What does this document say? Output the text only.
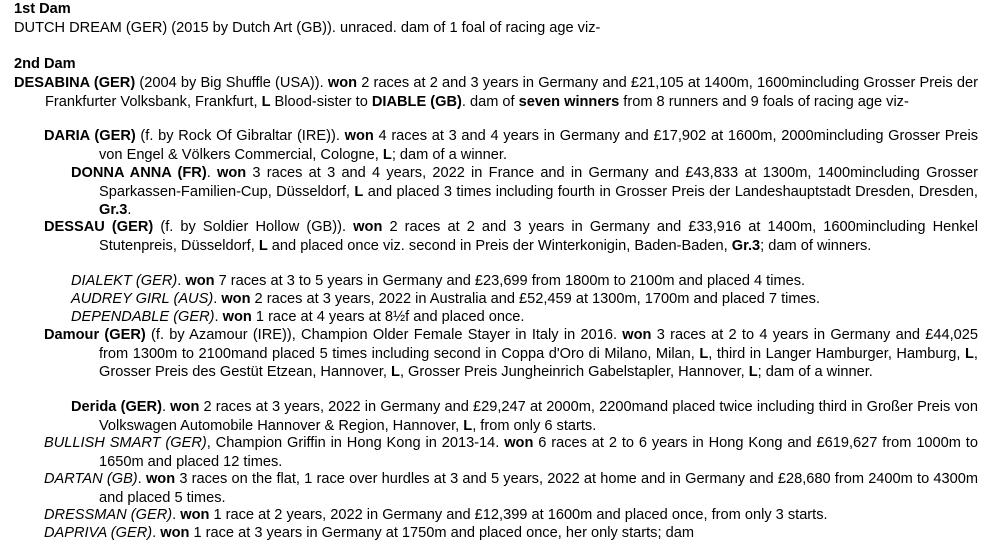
1st Dam
DUTCH DREAM (GER) (2015 by Dutch Art (GB)). unraced. dam of 1 foal of racing age viz-
2nd Dam
DESABINA (GER) (2004 by Big Shuffle (USA)). won 2 races at 2 and 3 years in Germany and £21,105 at 1400m, 1600mincluding Grosser Preis der Frankfurter Volksbank, Frankfurt, L Blood-sister to DIABLE (GB). dam of seven winners from 8 runners and 9 foals of racing age viz-
DARIA (GER) (f. by Rock Of Gibraltar (IRE)). won 4 races at 3 and 4 years in Germany and £17,902 at 1600m, 2000mincluding Grosser Preis von Engel & Völkers Commercial, Cologne, L; dam of a winner.
DONNA ANNA (FR). won 3 races at 3 and 4 years, 2022 in France and in Germany and £43,833 at 1300m, 1400mincluding Grosser Sparkassen-Familien-Cup, Düsseldorf, L and placed 3 times including fourth in Grosser Preis der Landeshauptstadt Dresden, Dresden, Gr.3.
DESSAU (GER) (f. by Soldier Hollow (GB)). won 2 races at 2 and 3 years in Germany and £33,916 at 1400m, 1600mincluding Henkel Stutenpreis, Düsseldorf, L and placed once viz. second in Preis der Winterkonigin, Baden-Baden, Gr.3; dam of winners.
DIALEKT (GER). won 7 races at 3 to 5 years in Germany and £23,699 from 1800m to 2100m and placed 4 times.
AUDREY GIRL (AUS). won 2 races at 3 years, 2022 in Australia and £52,459 at 1300m, 1700m and placed 7 times.
DEPENDABLE (GER). won 1 race at 4 years at 8½f and placed once.
Damour (GER) (f. by Azamour (IRE)), Champion Older Female Stayer in Italy in 2016. won 3 races at 2 to 4 years in Germany and £44,025 from 1300m to 2100mand placed 5 times including second in Coppa d'Oro di Milano, Milan, L, third in Langer Hamburger, Hamburg, L, Grosser Preis des Gestüt Etzean, Hannover, L, Grosser Preis Jungheinrich Gabelstapler, Hannover, L; dam of a winner.
Derida (GER). won 2 races at 3 years, 2022 in Germany and £29,247 at 2000m, 2200mand placed twice including third in Großer Preis von Volkswagen Automobile Hannover & Region, Hannover, L, from only 6 starts.
BULLISH SMART (GER), Champion Griffin in Hong Kong in 2013-14. won 6 races at 2 to 6 years in Hong Kong and £619,627 from 1000m to 1650m and placed 12 times.
DARTAN (GB). won 3 races on the flat, 1 race over hurdles at 3 and 5 years, 2022 at home and in Germany and £28,680 from 2400m to 4300m and placed 5 times.
DRESSMAN (GER). won 1 race at 2 years, 2022 in Germany and £12,399 at 1600m and placed once, from only 3 starts.
DAPRIVA (GER). won 1 race at 3 years in Germany at 1750m and placed once, her only starts; dam
